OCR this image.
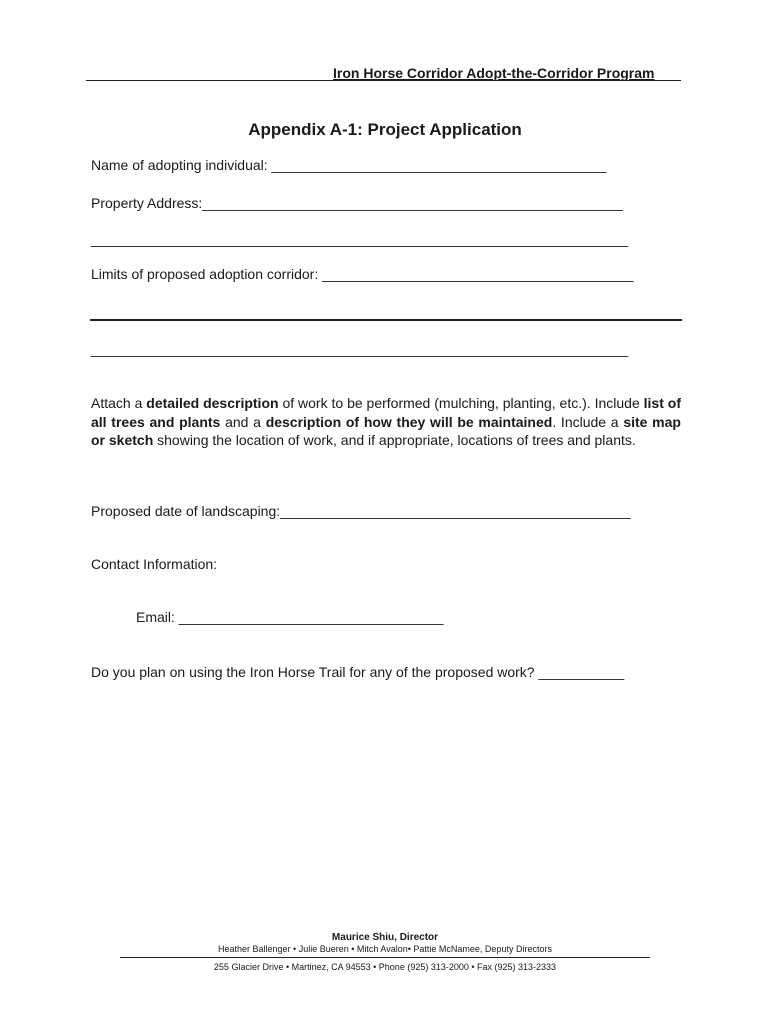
Iron Horse Corridor Adopt-the-Corridor Program
Appendix A-1: Project Application
Name of adopting individual: ___________________________________________
Property Address:______________________________________________________
_____________________________________________________________________
Limits of proposed adoption corridor: ________________________________________
_____________________________________________________________________
Attach a detailed description of work to be performed (mulching, planting, etc.). Include list of all trees and plants and a description of how they will be maintained. Include a site map or sketch showing the location of work, and if appropriate, locations of trees and plants.
Proposed date of landscaping:_____________________________________________
Contact Information:
Email: __________________________________
Do you plan on using the Iron Horse Trail for any of the proposed work? ___________
Maurice Shiu, Director
Heather Ballenger • Julie Bueren • Mitch Avalon• Pattie McNamee, Deputy Directors
255 Glacier Drive • Martinez, CA 94553 • Phone (925) 313-2000 • Fax (925) 313-2333
